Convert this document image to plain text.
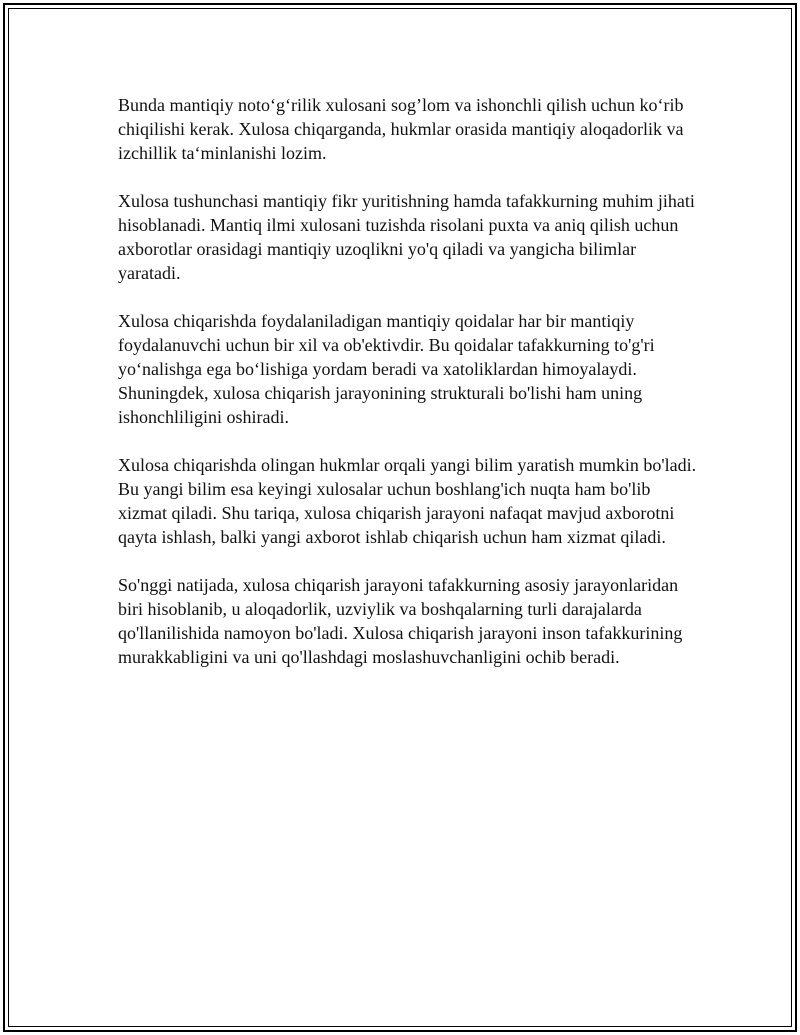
Bunda mantiqiy noto‘g‘rilik xulosani sog’lom va ishonchli qilish uchun ko‘rib chiqilishi kerak. Xulosa chiqarganda, hukmlar orasida mantiqiy aloqadorlik va izchillik ta‘minlanishi lozim.

Xulosa tushunchasi mantiqiy fikr yuritishning hamda tafakkurning muhim jihati hisoblanadi. Mantiq ilmi xulosani tuzishda risolani puxta va aniq qilish uchun axborotlar orasidagi mantiqiy uzoqlikni yo'q qiladi va yangicha bilimlar yaratadi.

Xulosa chiqarishda foydalaniladigan mantiqiy qoidalar har bir mantiqiy foydalanuvchi uchun bir xil va ob'ektivdir. Bu qoidalar tafakkurning to'g'ri yo‘nalishga ega bo‘lishiga yordam beradi va xatoliklardan himoyalaydi. Shuningdek, xulosa chiqarish jarayonining strukturali bo'lishi ham uning ishonchliligini oshiradi.

Xulosa chiqarishda olingan hukmlar orqali yangi bilim yaratish mumkin bo'ladi. Bu yangi bilim esa keyingi xulosalar uchun boshlang'ich nuqta ham bo'lib xizmat qiladi. Shu tariqa, xulosa chiqarish jarayoni nafaqat mavjud axborotni qayta ishlash, balki yangi axborot ishlab chiqarish uchun ham xizmat qiladi.

So'nggi natijada, xulosa chiqarish jarayoni tafakkurning asosiy jarayonlaridan biri hisoblanib, u aloqadorlik, uzviylik va boshqalarning turli darajalarda qo'llanilishida namoyon bo'ladi. Xulosa chiqarish jarayoni inson tafakkurining murakkabligini va uni qo'llashdagi moslashuvchanligini ochib beradi.
